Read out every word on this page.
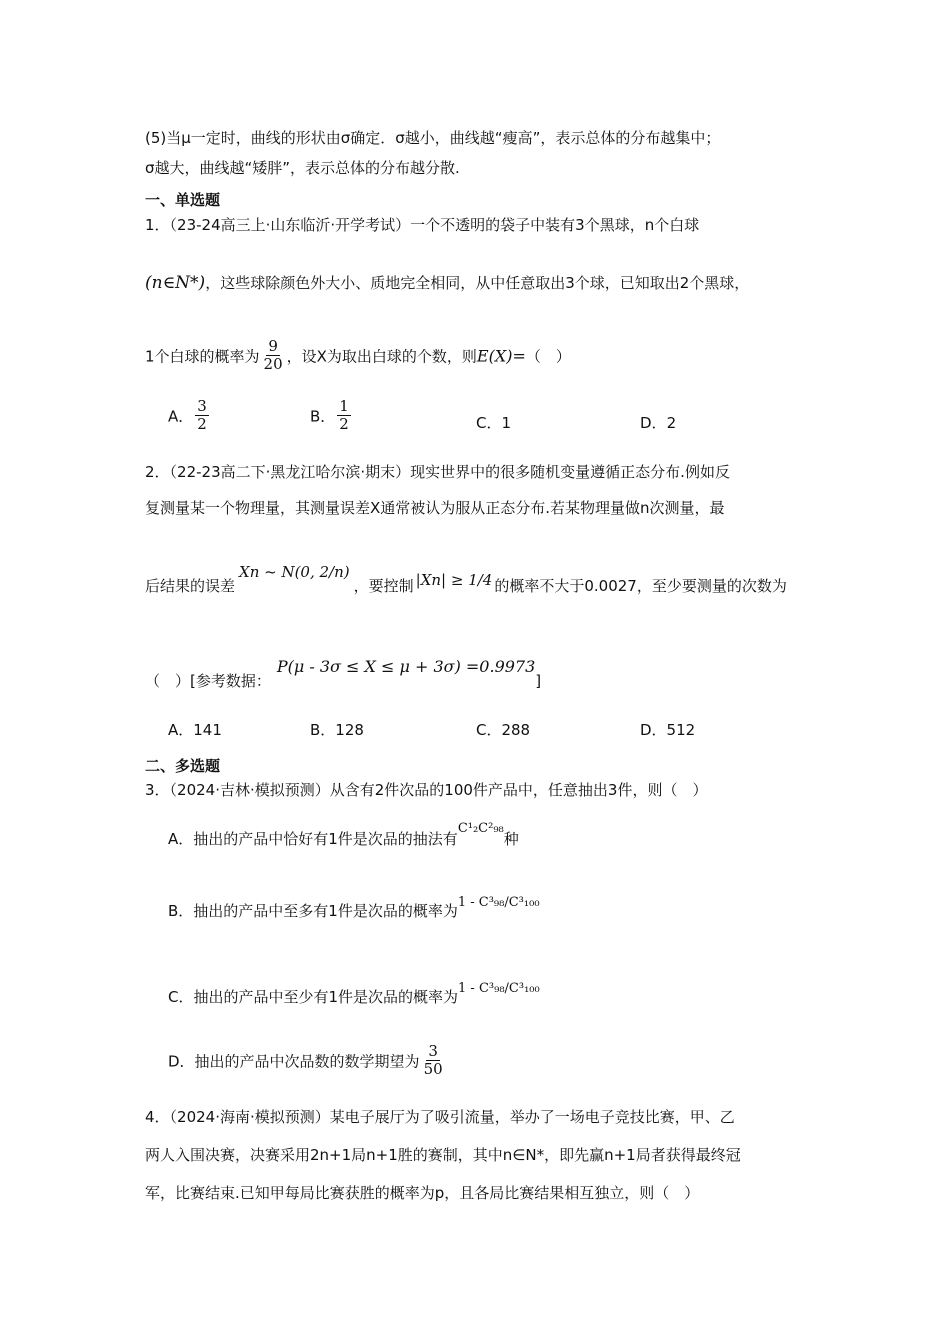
(5)当μ一定时，曲线的形状由σ确定．σ越小，曲线越“瘦高”，表示总体的分布越集中；
σ越大，曲线越“矮胖”，表示总体的分布越分散.
一、单选题
1．（23-24高三上·山东临沂·开学考试）一个不透明的袋子中装有3个黑球，n个白球
(n∈N*)，这些球除颜色外大小、质地完全相同，从中任意取出3个球，已知取出2个黑球，
1个白球的概率为 $\frac{9}{20}$ ，设X为取出白球的个数，则E(X)=（　）
A． $\frac{3}{2}$	B． $\frac{1}{2}$	C．1	D．2
2．（22-23高二下·黑龙江哈尔滨·期末）现实世界中的很多随机变量遵循正态分布.例如反
复测量某一个物理量，其测量误差X通常被认为服从正态分布.若某物理量做n次测量，最
后结果的误差Xn ~ N(0, 2/n)，要控制 |Xn| ≥ 1/4 的概率不大于0.0027，至少要测量的次数为
（　）[参考数据：P(μ - 3σ ≤ X ≤ μ + 3σ) =0.9973]
A．141	B．128	C．288	D．512
二、多选题
3．（2024·吉林·模拟预测）从含有2件次品的100件产品中，任意抽出3件，则（　）
A．抽出的产品中恰好有1件是次品的抽法有C¹₂C²₉₈种
B．抽出的产品中至多有1件是次品的概率为1 - C³₉₈/C³₁₀₀
C．抽出的产品中至少有1件是次品的概率为1 - C³₉₈/C³₁₀₀
D．抽出的产品中次品数的数学期望为 $\frac{3}{50}$
4．（2024·海南·模拟预测）某电子展厅为了吸引流量，举办了一场电子竞技比赛，甲、乙
两人入围决赛，决赛采用2n+1局n+1胜的赛制，其中n∈N*，即先赢n+1局者获得最终冠
军，比赛结束.已知甲每局比赛获胜的概率为p，且各局比赛结果相互独立，则（　）
